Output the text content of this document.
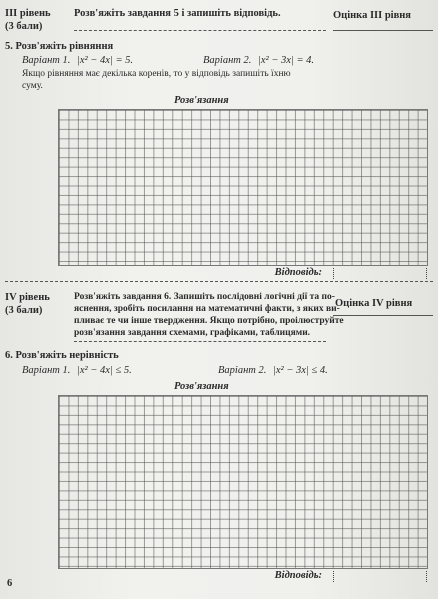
ІІІ рівень
(3 бали)
Розв'яжіть завдання 5 і запишіть відповідь.	Оцінка ІІІ рівня
5. Розв'яжіть рівняння
Варіант 1. |x² − 4x| = 5.	Варіант 2. |x² − 3x| = 4.
Якщо рівняння має декілька коренів, то у відповідь запишіть їхню
суму.
Розв'язання
Відповідь:
IV рівень
(3 бали)
Розв'яжіть завдання 6. Запишіть послідовні логічні дії та по-
яснення, зробіть посилання на математичні факти, з яких ви-
пливає те чи інше твердження. Якщо потрібно, проілюструйте
розв'язання завдання схемами, графіками, таблицями.
Оцінка IV рівня
6. Розв'яжіть нерівність
Варіант 1. |x² − 4x| ≤ 5.	Варіант 2. |x² − 3x| ≤ 4.
Розв'язання
Відповідь:
6
